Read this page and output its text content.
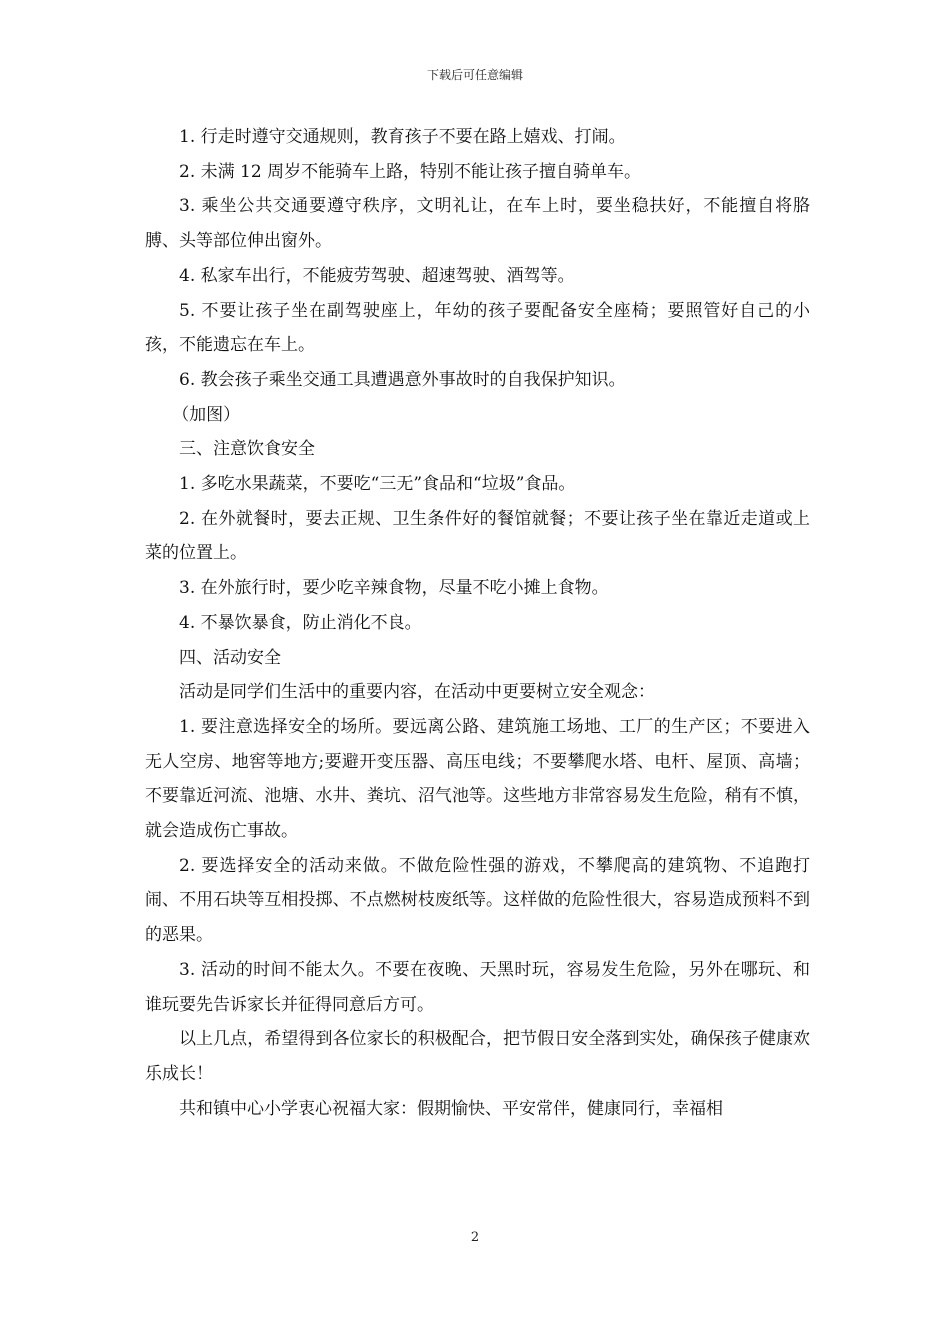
下载后可任意编辑

1. 行走时遵守交通规则，教育孩子不要在路上嬉戏、打闹。

2. 未满 12 周岁不能骑车上路，特别不能让孩子擅自骑单车。

3. 乘坐公共交通要遵守秩序，文明礼让，在车上时，要坐稳扶好，不能擅自将胳膊、头等部位伸出窗外。

4. 私家车出行，不能疲劳驾驶、超速驾驶、酒驾等。

5. 不要让孩子坐在副驾驶座上，年幼的孩子要配备安全座椅；要照管好自己的小孩，不能遗忘在车上。

6. 教会孩子乘坐交通工具遭遇意外事故时的自我保护知识。

（加图）

三、注意饮食安全

1. 多吃水果蔬菜，不要吃“三无”食品和“垃圾”食品。

2. 在外就餐时，要去正规、卫生条件好的餐馆就餐；不要让孩子坐在靠近走道或上菜的位置上。

3. 在外旅行时，要少吃辛辣食物，尽量不吃小摊上食物。

4. 不暴饮暴食，防止消化不良。

四、活动安全

活动是同学们生活中的重要内容，在活动中更要树立安全观念：

1. 要注意选择安全的场所。要远离公路、建筑施工场地、工厂的生产区；不要进入无人空房、地窖等地方;要避开变压器、高压电线；不要攀爬水塔、电杆、屋顶、高墙；不要靠近河流、池塘、水井、粪坑、沼气池等。这些地方非常容易发生危险，稍有不慎，就会造成伤亡事故。

2. 要选择安全的活动来做。不做危险性强的游戏，不攀爬高的建筑物、不追跑打闹、不用石块等互相投掷、不点燃树枝废纸等。这样做的危险性很大，容易造成预料不到的恶果。

3. 活动的时间不能太久。不要在夜晚、天黑时玩，容易发生危险，另外在哪玩、和谁玩要先告诉家长并征得同意后方可。

以上几点，希望得到各位家长的积极配合，把节假日安全落到实处，确保孩子健康欢乐成长！

共和镇中心小学衷心祝福大家：假期愉快、平安常伴，健康同行，幸福相

2
